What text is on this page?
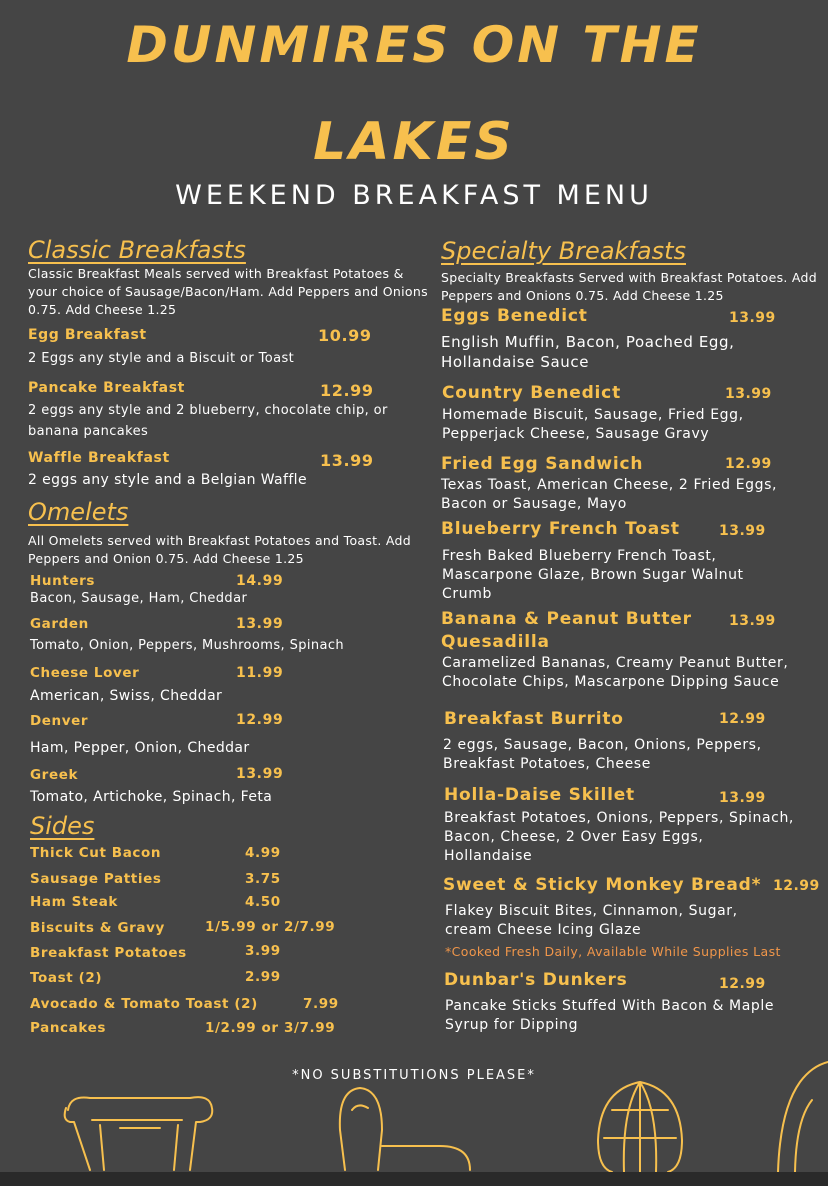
DUNMIRES ON THE
LAKES
WEEKEND BREAKFAST MENU
Classic Breakfasts
Classic Breakfast Meals served with Breakfast Potatoes & your choice of Sausage/Bacon/Ham. Add Peppers and Onions 0.75. Add Cheese 1.25
Egg Breakfast	10.99
2 Eggs any style and a Biscuit or Toast
Pancake Breakfast	12.99
2 eggs any style and 2 blueberry, chocolate chip, or banana pancakes
Waffle Breakfast	13.99
2 eggs any style and a Belgian Waffle
Omelets
All Omelets served with Breakfast Potatoes and Toast. Add Peppers and Onion 0.75. Add Cheese 1.25
Hunters	14.99
Bacon, Sausage, Ham, Cheddar
Garden	13.99
Tomato, Onion, Peppers, Mushrooms, Spinach
Cheese Lover	11.99
American, Swiss, Cheddar
Denver	12.99
Ham, Pepper, Onion, Cheddar
Greek	13.99
Tomato, Artichoke, Spinach, Feta
Sides
Thick Cut Bacon	4.99
Sausage Patties	3.75
Ham Steak	4.50
Biscuits & Gravy	1/5.99 or 2/7.99
Breakfast Potatoes	3.99
Toast (2)	2.99
Avocado & Tomato Toast (2)	7.99
Pancakes	1/2.99 or 3/7.99
Specialty Breakfasts
Specialty Breakfasts Served with Breakfast Potatoes. Add Peppers and Onions 0.75. Add Cheese 1.25
Eggs Benedict	13.99
English Muffin, Bacon, Poached Egg, Hollandaise Sauce
Country Benedict	13.99
Homemade Biscuit, Sausage, Fried Egg, Pepperjack Cheese, Sausage Gravy
Fried Egg Sandwich	12.99
Texas Toast, American Cheese, 2 Fried Eggs, Bacon or Sausage, Mayo
Blueberry French Toast	13.99
Fresh Baked Blueberry French Toast, Mascarpone Glaze, Brown Sugar Walnut Crumb
Banana & Peanut Butter Quesadilla
13.99
Caramelized Bananas, Creamy Peanut Butter, Chocolate Chips, Mascarpone Dipping Sauce
Breakfast Burrito	12.99
2 eggs, Sausage, Bacon, Onions, Peppers, Breakfast Potatoes, Cheese
Holla-Daise Skillet	13.99
Breakfast Potatoes, Onions, Peppers, Spinach, Bacon, Cheese, 2 Over Easy Eggs, Hollandaise
Sweet & Sticky Monkey Bread* 12.99
Flakey Biscuit Bites, Cinnamon, Sugar, cream Cheese Icing Glaze
*Cooked Fresh Daily, Available While Supplies Last
Dunbar's Dunkers	12.99
Pancake Sticks Stuffed With Bacon & Maple Syrup for Dipping
*NO SUBSTITUTIONS PLEASE*
